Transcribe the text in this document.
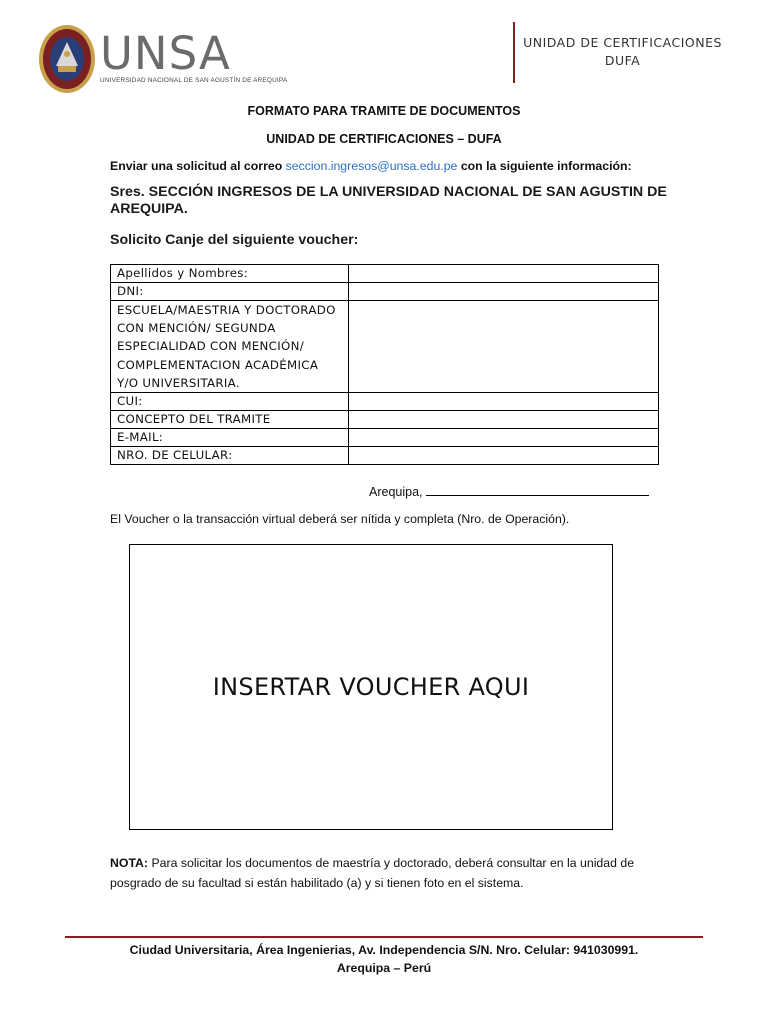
UNSA
UNIVERSIDAD NACIONAL DE SAN AGUSTÍN DE AREQUIPA
UNIDAD DE CERTIFICACIONES
DUFA
FORMATO PARA TRAMITE DE DOCUMENTOS
UNIDAD DE CERTIFICACIONES – DUFA
Enviar una solicitud al correo seccion.ingresos@unsa.edu.pe con la siguiente información:
Sres. SECCIÓN INGRESOS DE LA UNIVERSIDAD NACIONAL DE SAN AGUSTIN DE AREQUIPA.
Solicito Canje del siguiente voucher:
Apellidos y Nombres:	
DNI:	
ESCUELA/MAESTRIA Y DOCTORADO CON MENCIÓN/ SEGUNDA ESPECIALIDAD CON MENCIÓN/ COMPLEMENTACION ACADÉMICA Y/O UNIVERSITARIA.	
CUI:	
CONCEPTO DEL TRAMITE	
E-MAIL:	
NRO. DE CELULAR:	
Arequipa,
El Voucher o la transacción virtual deberá ser nítida y completa (Nro. de Operación).
INSERTAR VOUCHER AQUI
NOTA: Para solicitar los documentos de maestría y doctorado, deberá consultar en la unidad de posgrado de su facultad si están habilitado (a) y si tienen foto en el sistema.
Ciudad Universitaria, Área Ingenierias, Av. Independencia S/N. Nro. Celular: 941030991.
Arequipa – Perú
